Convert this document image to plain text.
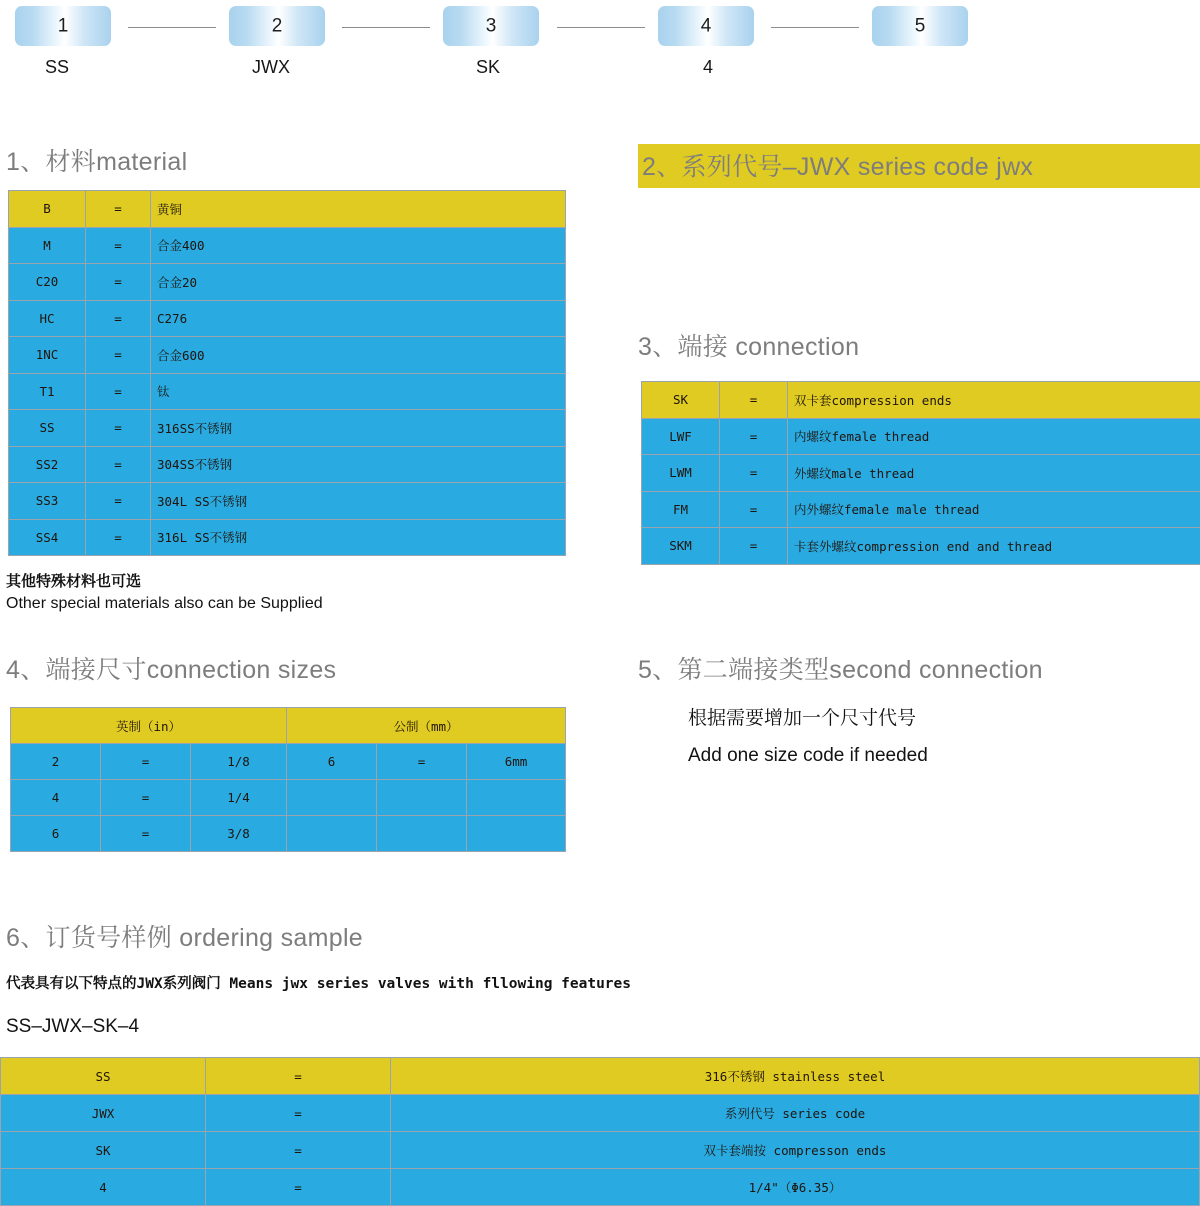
1	2	3	4	5
SS	JWX	SK	4
1、材料material
B	=	黄铜
M	=	合金400
C20	=	合金20
HC	=	C276
1NC	=	合金600
T1	=	钛
SS	=	316SS不锈钢
SS2	=	304SS不锈钢
SS3	=	304L SS不锈钢
SS4	=	316L SS不锈钢
其他特殊材料也可选
Other special materials also can be Supplied
2、系列代号–JWX series code jwx
3、端接 connection
SK	=	双卡套compression ends
LWF	=	内螺纹female thread
LWM	=	外螺纹male thread
FM	=	内外螺纹female male thread
SKM	=	卡套外螺纹compression end and thread
4、端接尺寸connection sizes
英制（in）			公制（mm）		
2	=	1/8	6	=	6mm
4	=	1/4			
6	=	3/8			
5、第二端接类型second connection
根据需要增加一个尺寸代号
Add one size code if needed
6、订货号样例 ordering sample
代表具有以下特点的JWX系列阀门 Means jwx series valves with fllowing features
SS–JWX–SK–4
SS	=	316不锈钢 stainless steel
JWX	=	系列代号 series code
SK	=	双卡套端按 compresson ends
4	=	1/4"（Φ6.35）
